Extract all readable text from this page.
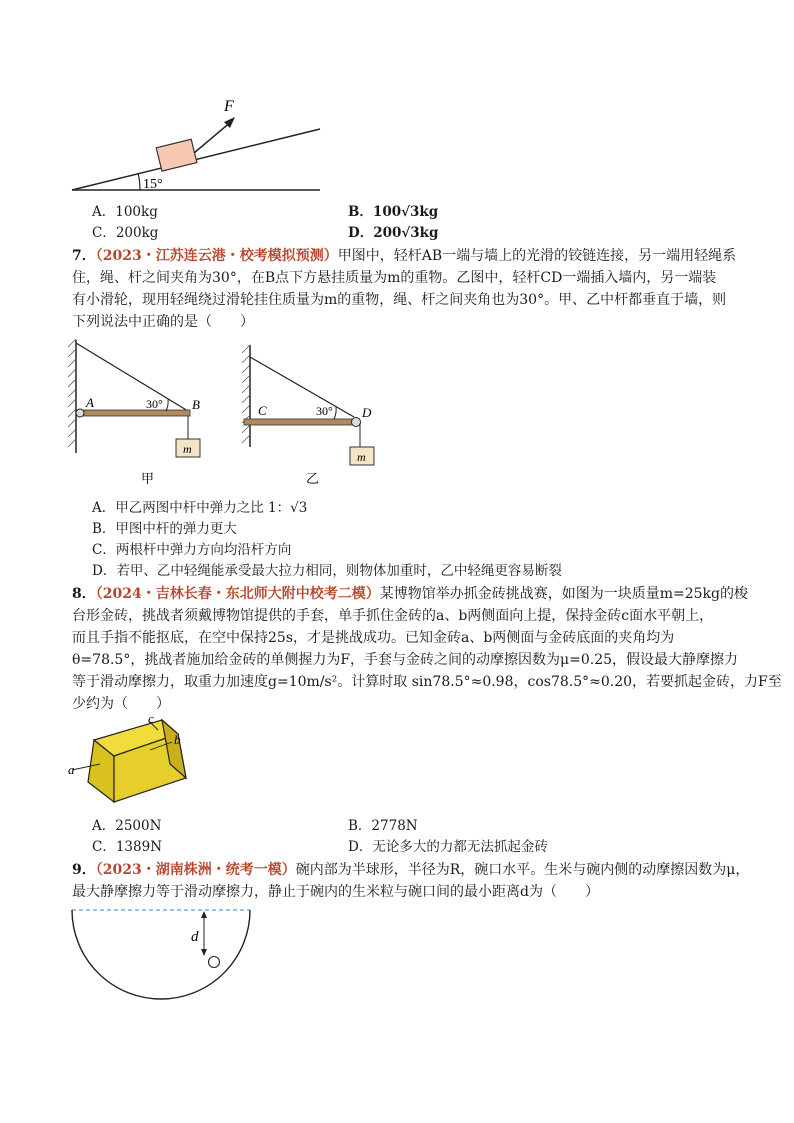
15°
F
A．100kg	B．100√3kg
C．200kg	D．200√3kg
7．（2023・江苏连云港・校考模拟预测）甲图中，轻杆AB一端与墙上的光滑的铰链连接，另一端用轻绳系
住，绳、杆之间夹角为30°，在B点下方悬挂质量为m的重物。乙图中，轻杆CD一端插入墙内，另一端装
有小滑轮，现用轻绳绕过滑轮挂住质量为m的重物，绳、杆之间夹角也为30°。甲、乙中杆都垂直于墙，则
下列说法中正确的是（　　）
30°
A	B
m
甲
30°
C	D
m
乙
A．甲乙两图中杆中弹力之比 1：√3
B．甲图中杆的弹力更大
C．两根杆中弹力方向均沿杆方向
D．若甲、乙中轻绳能承受最大拉力相同，则物体加重时，乙中轻绳更容易断裂
8．（2024・吉林长春・东北师大附中校考二模）某博物馆举办抓金砖挑战赛，如图为一块质量m=25kg的梭
台形金砖，挑战者须戴博物馆提供的手套，单手抓住金砖的a、b两侧面向上提，保持金砖c面水平朝上，
而且手指不能抠底，在空中保持25s，才是挑战成功。已知金砖a、b两侧面与金砖底面的夹角均为
θ=78.5°，挑战者施加给金砖的单侧握力为F，手套与金砖之间的动摩擦因数为μ=0.25，假设最大静摩擦力
等于滑动摩擦力，取重力加速度g=10m/s²。计算时取 sin78.5°≈0.98，cos78.5°≈0.20，若要抓起金砖，力F至
少约为（　　）
a
c
b
A．2500N	B．2778N
C．1389N	D．无论多大的力都无法抓起金砖
9．（2023・湖南株洲・统考一模）碗内部为半球形，半径为R，碗口水平。生米与碗内侧的动摩擦因数为μ，
最大静摩擦力等于滑动摩擦力，静止于碗内的生米粒与碗口间的最小距离d为（　　）
d
